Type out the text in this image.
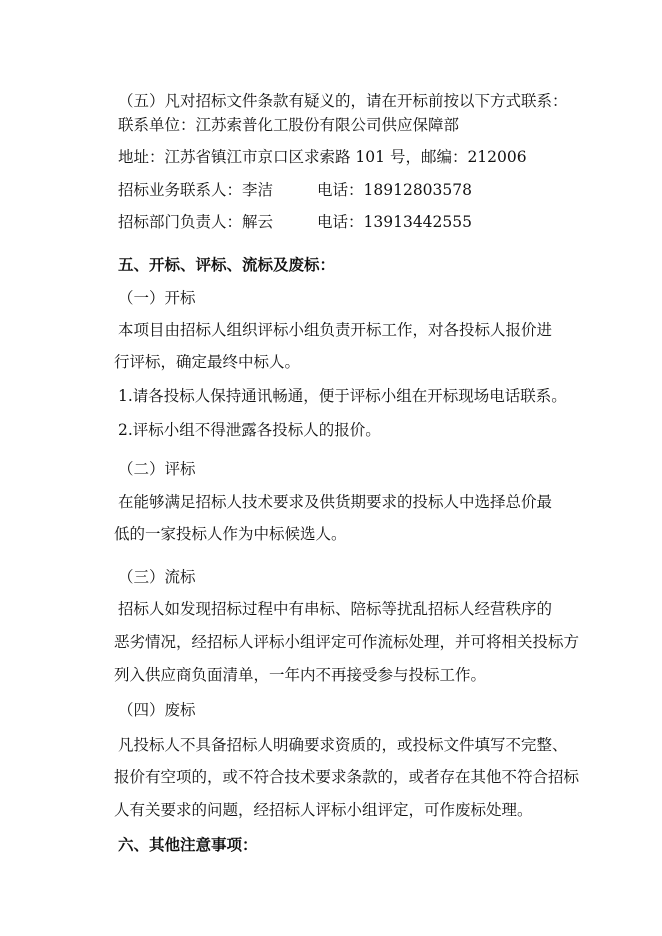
（五）凡对招标文件条款有疑义的，请在开标前按以下方式联系：
联系单位：江苏索普化工股份有限公司供应保障部
地址：江苏省镇江市京口区求索路 101 号，邮编：212006
招标业务联系人：李洁	电话：18912803578
招标部门负责人：解云	电话：13913442555
五、开标、评标、流标及废标：
（一）开标
本项目由招标人组织评标小组负责开标工作，对各投标人报价进
行评标，确定最终中标人。
1.请各投标人保持通讯畅通，便于评标小组在开标现场电话联系。
2.评标小组不得泄露各投标人的报价。
（二）评标
在能够满足招标人技术要求及供货期要求的投标人中选择总价最
低的一家投标人作为中标候选人。
（三）流标
招标人如发现招标过程中有串标、陪标等扰乱招标人经营秩序的
恶劣情况，经招标人评标小组评定可作流标处理，并可将相关投标方
列入供应商负面清单，一年内不再接受参与投标工作。
（四）废标
凡投标人不具备招标人明确要求资质的，或投标文件填写不完整、
报价有空项的，或不符合技术要求条款的，或者存在其他不符合招标
人有关要求的问题，经招标人评标小组评定，可作废标处理。
六、其他注意事项：
